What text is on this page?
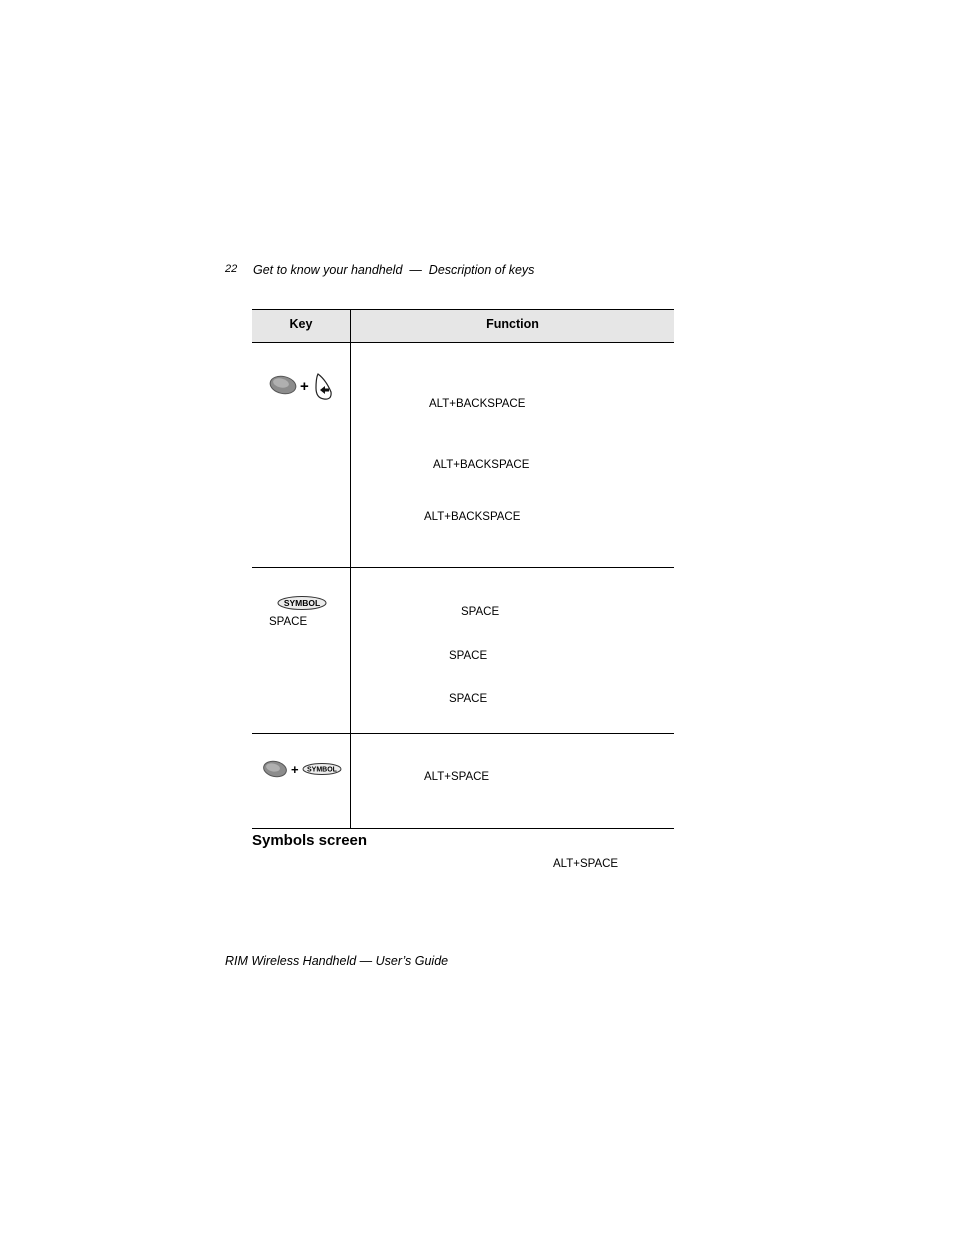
22 Get to know your handheld  —  Description of keys
Key	Function
+
ALT+BACKSPACE
ALT+BACKSPACE
ALT+BACKSPACE
SYMBOL
SPACE
SPACE
SPACE
SPACE
+ SYMBOL
ALT+SPACE
Symbols screen
ALT+SPACE
RIM Wireless Handheld — User’s Guide
